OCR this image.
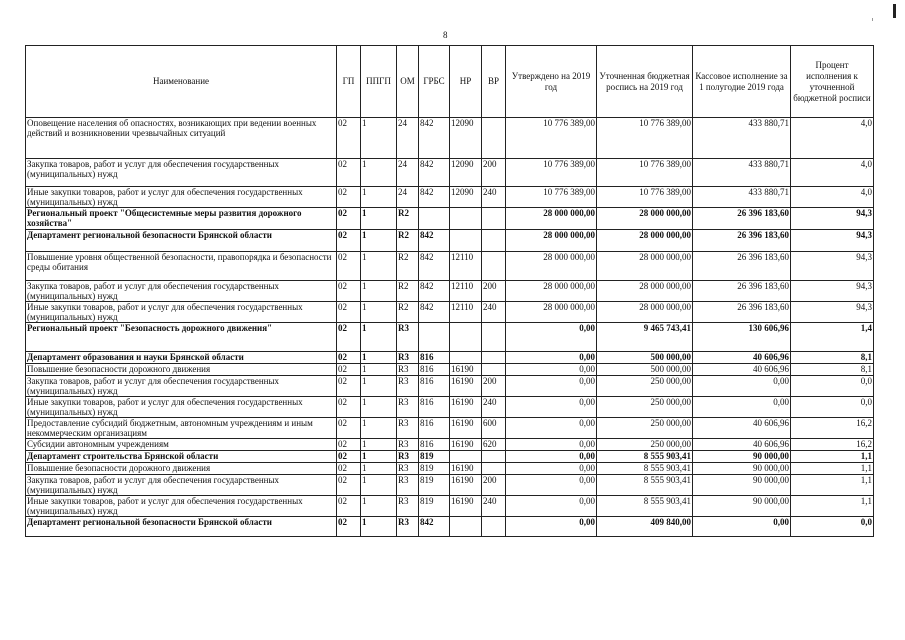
8
Наименование	ГП	ППГП	ОМ	ГРБС	НР	ВР	Утверждено на 2019 год	Уточненная бюджетная роспись на 2019 год	Кассовое исполнение за 1 полугодие 2019 года	Процент исполнения к уточненной бюджетной росписи
Оповещение населения об опасностях, возникающих при ведении военных действий и возникновении чрезвычайных ситуаций	02	1	24	842	12090		10 776 389,00	10 776 389,00	433 880,71	4,0
Закупка товаров, работ и услуг для обеспечения государственных (муниципальных) нужд	02	1	24	842	12090	200	10 776 389,00	10 776 389,00	433 880,71	4,0
Иные закупки товаров, работ и услуг для обеспечения государственных (муниципальных) нужд	02	1	24	842	12090	240	10 776 389,00	10 776 389,00	433 880,71	4,0
Региональный проект "Общесистемные меры развития дорожного хозяйства"	02	1	R2				28 000 000,00	28 000 000,00	26 396 183,60	94,3
Департамент региональной безопасности Брянской области	02	1	R2	842			28 000 000,00	28 000 000,00	26 396 183,60	94,3
Повышение уровня общественной безопасности, правопорядка и безопасности среды обитания	02	1	R2	842	12110		28 000 000,00	28 000 000,00	26 396 183,60	94,3
Закупка товаров, работ и услуг для обеспечения государственных (муниципальных) нужд	02	1	R2	842	12110	200	28 000 000,00	28 000 000,00	26 396 183,60	94,3
Иные закупки товаров, работ и услуг для обеспечения государственных (муниципальных) нужд	02	1	R2	842	12110	240	28 000 000,00	28 000 000,00	26 396 183,60	94,3
Региональный проект "Безопасность дорожного движения"	02	1	R3				0,00	9 465 743,41	130 606,96	1,4
Департамент образования и науки Брянской области	02	1	R3	816			0,00	500 000,00	40 606,96	8,1
Повышение безопасности дорожного движения	02	1	R3	816	16190		0,00	500 000,00	40 606,96	8,1
Закупка товаров, работ и услуг для обеспечения государственных (муниципальных) нужд	02	1	R3	816	16190	200	0,00	250 000,00	0,00	0,0
Иные закупки товаров, работ и услуг для обеспечения государственных (муниципальных) нужд	02	1	R3	816	16190	240	0,00	250 000,00	0,00	0,0
Предоставление субсидий бюджетным, автономным учреждениям и иным некоммерческим организациям	02	1	R3	816	16190	600	0,00	250 000,00	40 606,96	16,2
Субсидии автономным учреждениям	02	1	R3	816	16190	620	0,00	250 000,00	40 606,96	16,2
Департамент строительства Брянской области	02	1	R3	819			0,00	8 555 903,41	90 000,00	1,1
Повышение безопасности дорожного движения	02	1	R3	819	16190		0,00	8 555 903,41	90 000,00	1,1
Закупка товаров, работ и услуг для обеспечения государственных (муниципальных) нужд	02	1	R3	819	16190	200	0,00	8 555 903,41	90 000,00	1,1
Иные закупки товаров, работ и услуг для обеспечения государственных (муниципальных) нужд	02	1	R3	819	16190	240	0,00	8 555 903,41	90 000,00	1,1
Департамент региональной безопасности Брянской области	02	1	R3	842			0,00	409 840,00	0,00	0,0
